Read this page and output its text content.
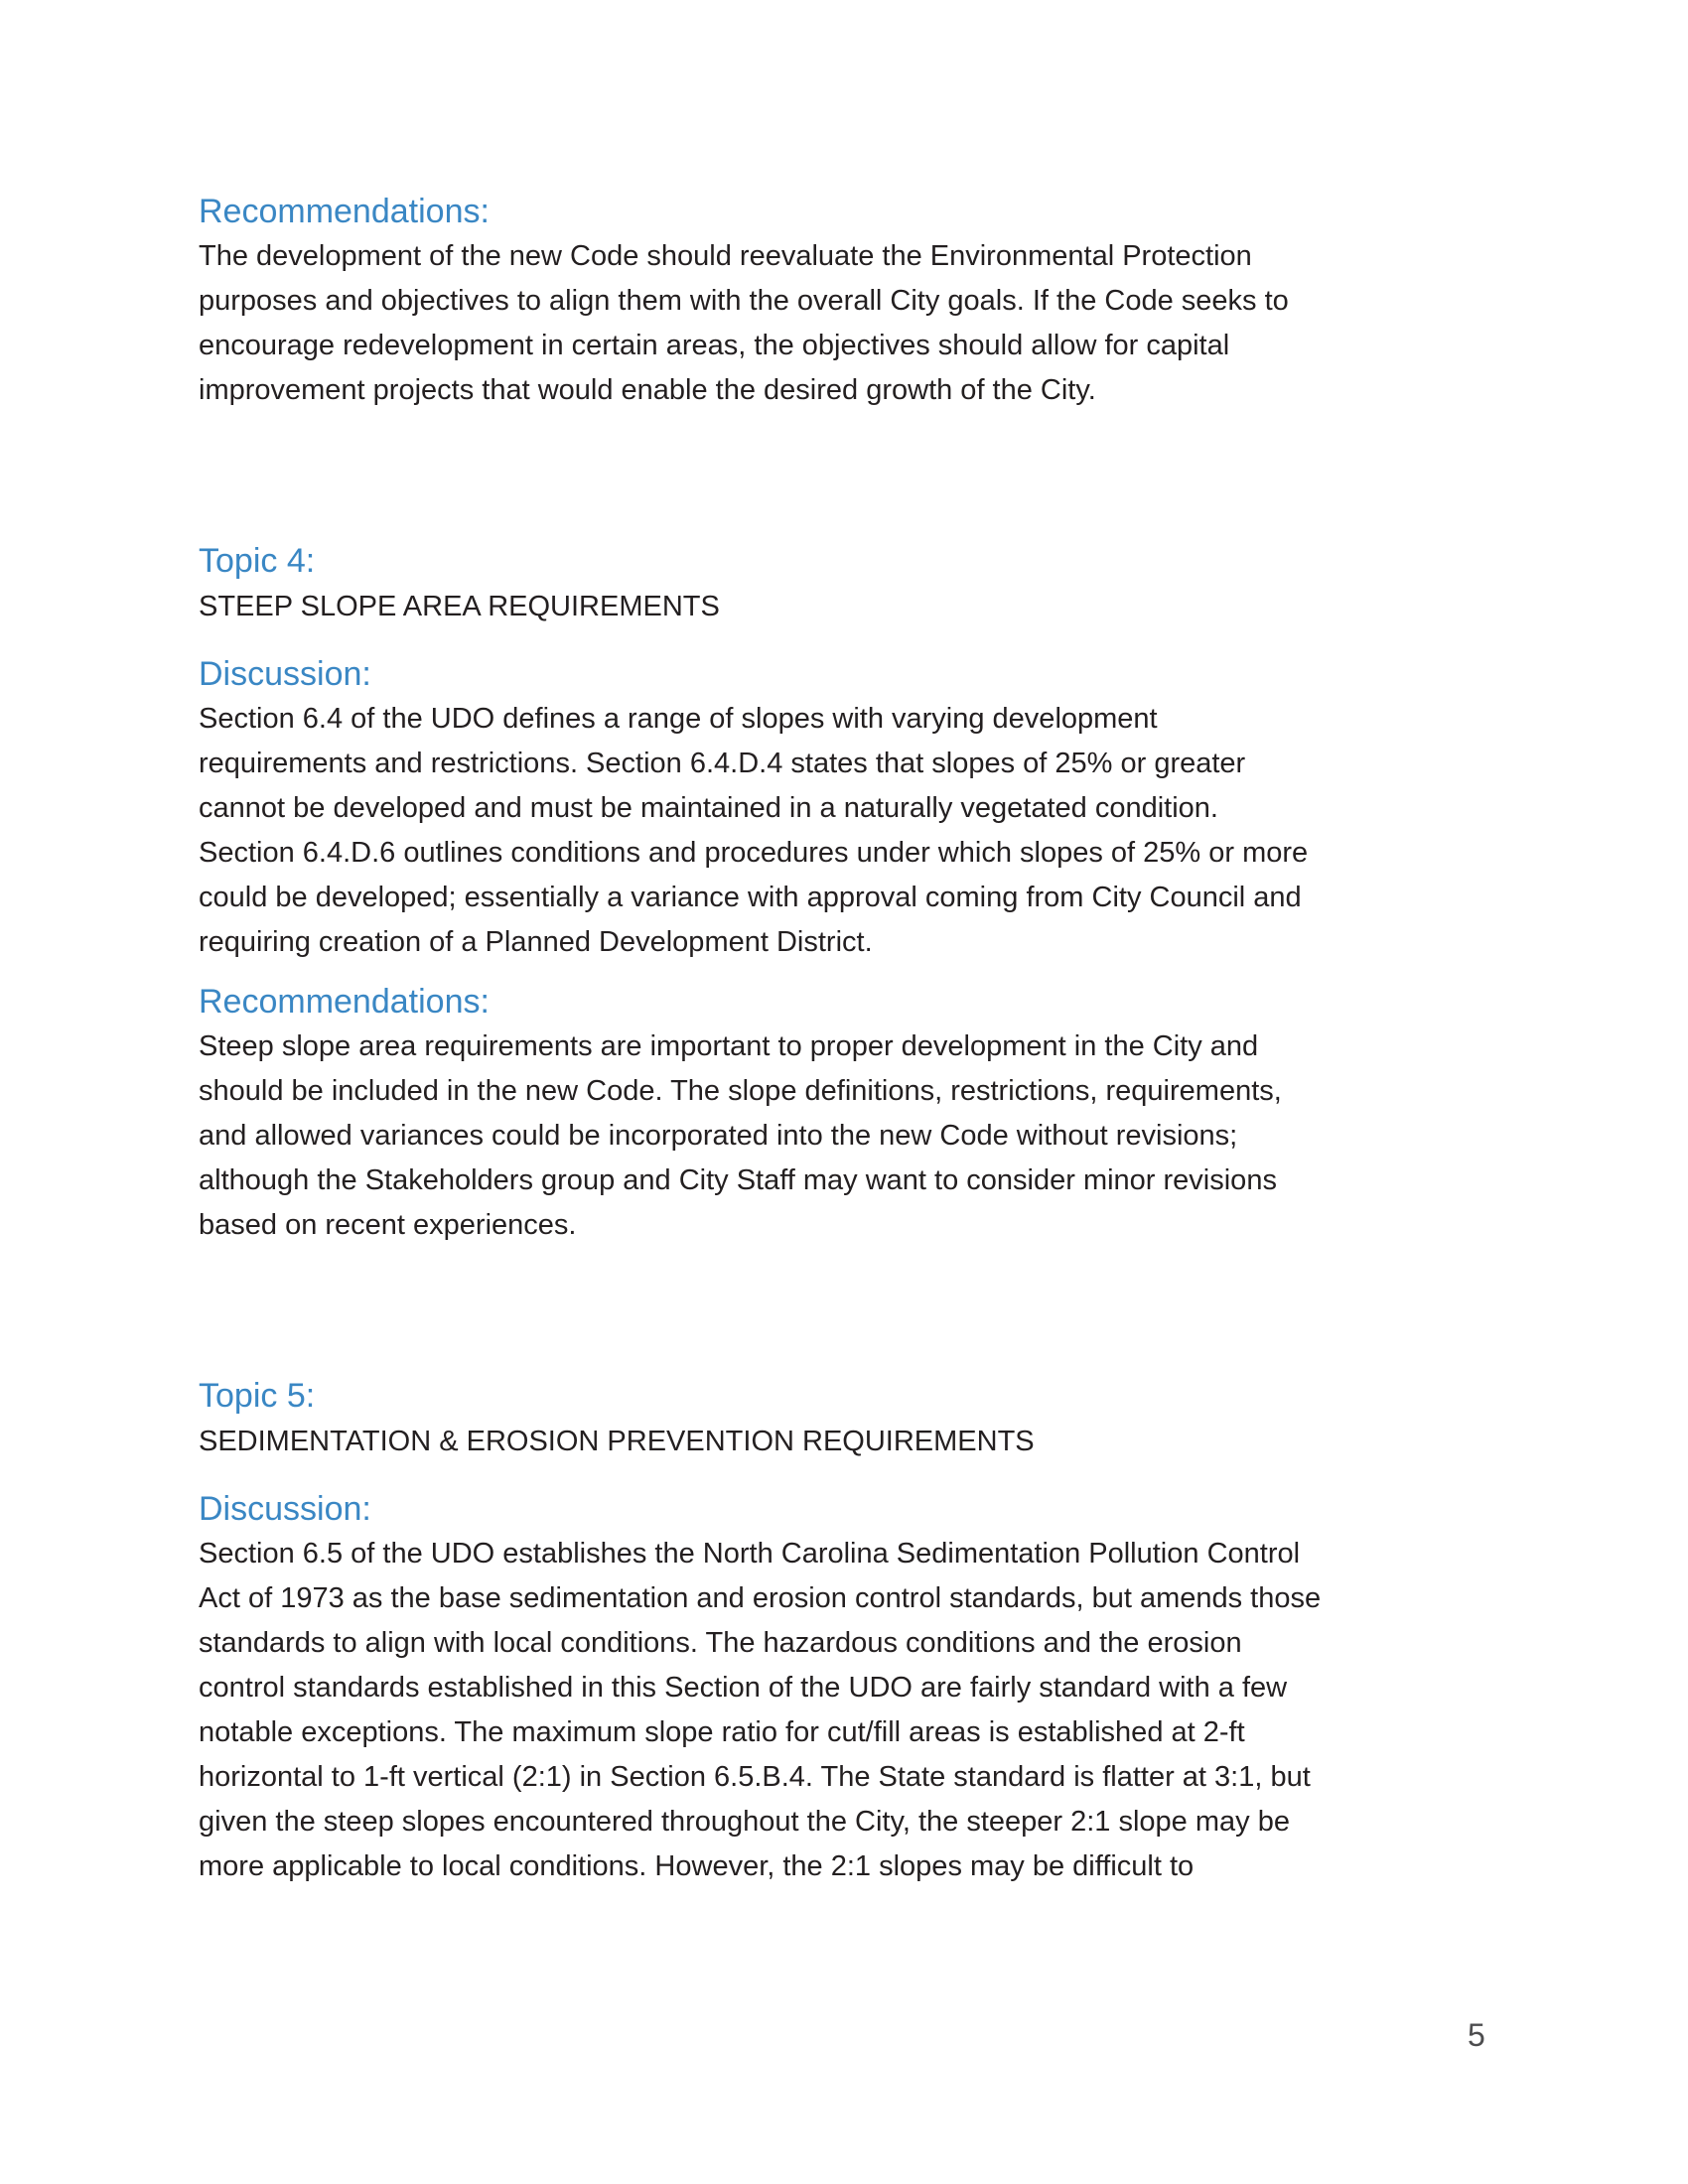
Recommendations:

The development of the new Code should reevaluate the Environmental Protection
purposes and objectives to align them with the overall City goals. If the Code seeks to
encourage redevelopment in certain areas, the objectives should allow for capital
improvement projects that would enable the desired growth of the City.

Topic 4:
STEEP SLOPE AREA REQUIREMENTS
Discussion:

Section 6.4 of the UDO defines a range of slopes with varying development
requirements and restrictions. Section 6.4.D.4 states that slopes of 25% or greater
cannot be developed and must be maintained in a naturally vegetated condition.
Section 6.4.D.6 outlines conditions and procedures under which slopes of 25% or more
could be developed; essentially a variance with approval coming from City Council and
requiring creation of a Planned Development District.

Recommendations:

Steep slope area requirements are important to proper development in the City and
should be included in the new Code. The slope definitions, restrictions, requirements,
and allowed variances could be incorporated into the new Code without revisions;
although the Stakeholders group and City Staff may want to consider minor revisions
based on recent experiences.

Topic 5:
SEDIMENTATION & EROSION PREVENTION REQUIREMENTS
Discussion:

Section 6.5 of the UDO establishes the North Carolina Sedimentation Pollution Control
Act of 1973 as the base sedimentation and erosion control standards, but amends those
standards to align with local conditions. The hazardous conditions and the erosion
control standards established in this Section of the UDO are fairly standard with a few
notable exceptions. The maximum slope ratio for cut/fill areas is established at 2-ft
horizontal to 1-ft vertical (2:1) in Section 6.5.B.4. The State standard is flatter at 3:1, but
given the steep slopes encountered throughout the City, the steeper 2:1 slope may be
more applicable to local conditions. However, the 2:1 slopes may be difficult to

5
